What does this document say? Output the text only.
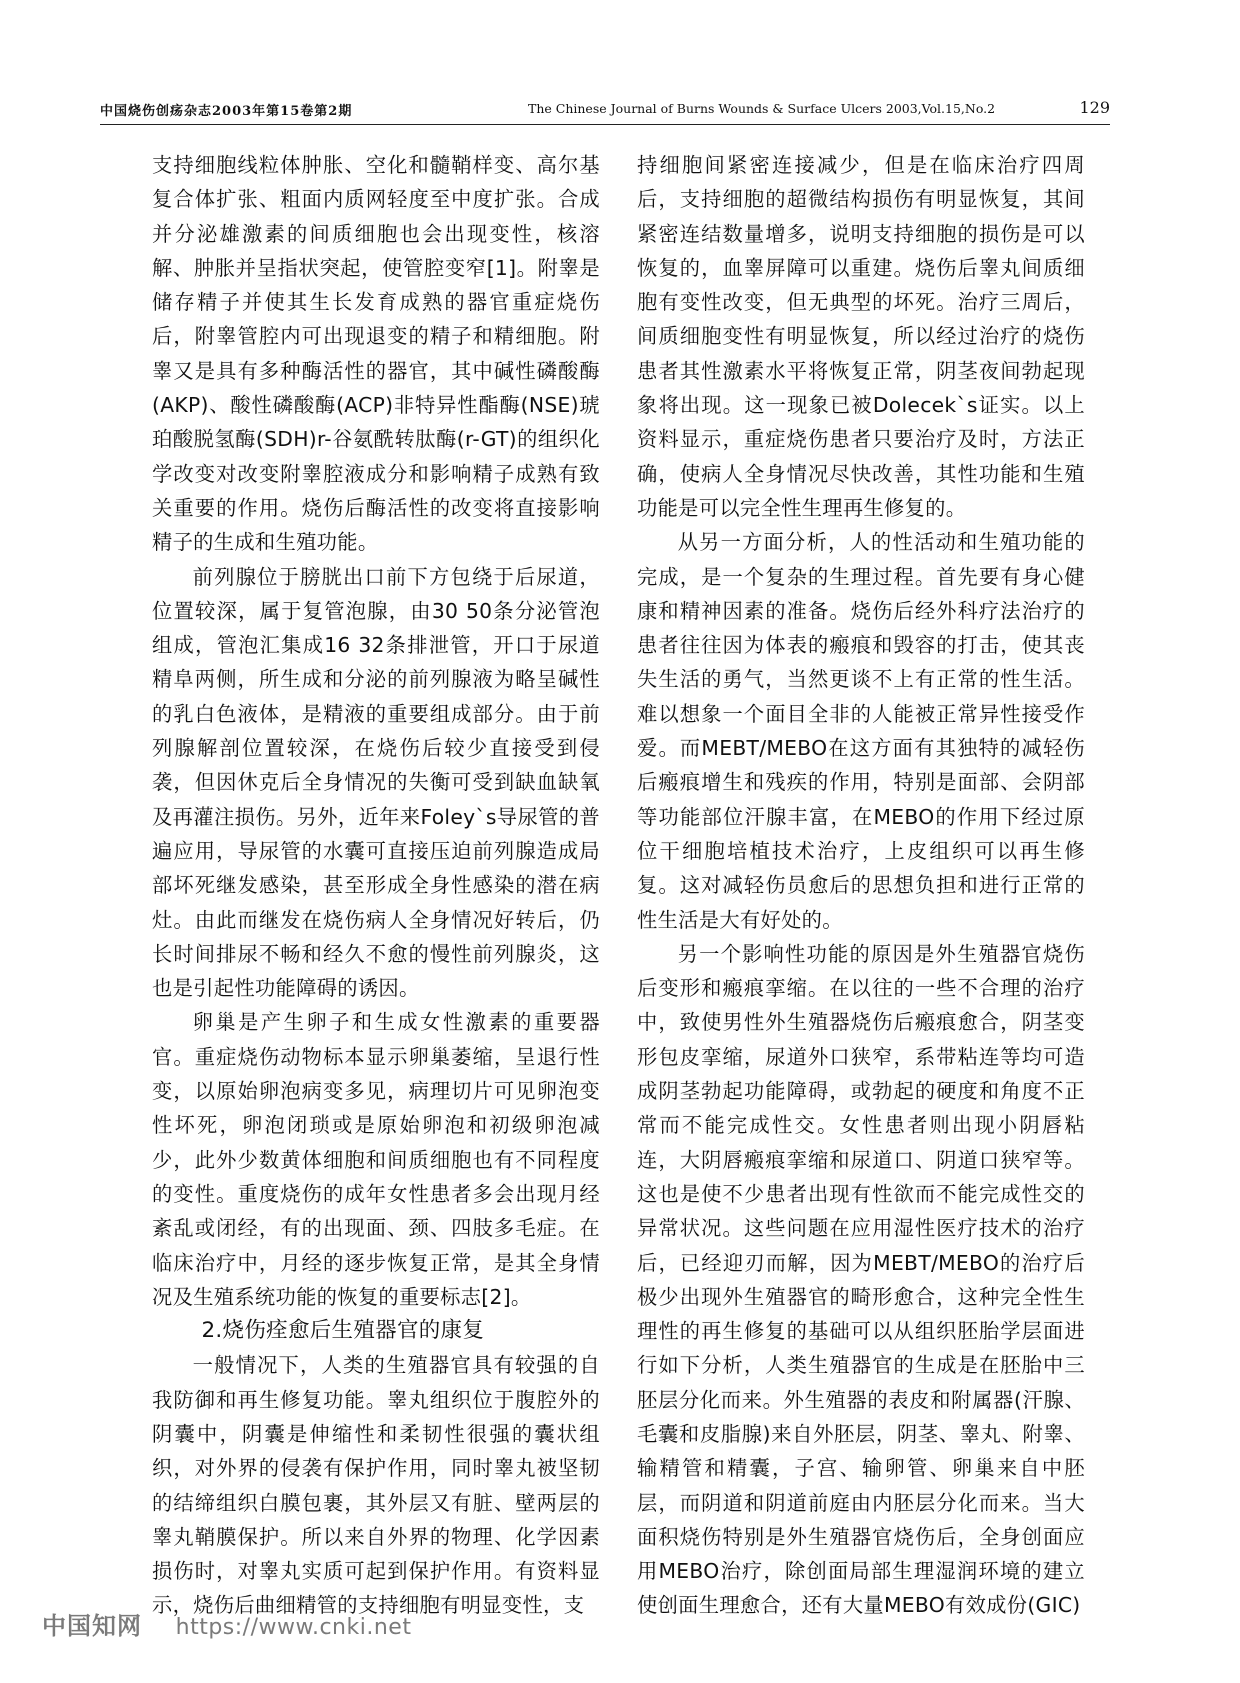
中国烧伤创疡杂志2003年第15卷第2期	The Chinese Journal of Burns Wounds & Surface Ulcers 2003,Vol.15,No.2	129

支持细胞线粒体肿胀、空化和髓鞘样变、高尔基复合体扩张、粗面内质网轻度至中度扩张。合成并分泌雄激素的间质细胞也会出现变性，核溶解、肿胀并呈指状突起，使管腔变窄[1]。附睾是储存精子并使其生长发育成熟的器官重症烧伤后，附睾管腔内可出现退变的精子和精细胞。附睾又是具有多种酶活性的器官，其中碱性磷酸酶(AKP)、酸性磷酸酶(ACP)非特异性酯酶(NSE)琥珀酸脱氢酶(SDH)r-谷氨酰转肽酶(r-GT)的组织化学改变对改变附睾腔液成分和影响精子成熟有致关重要的作用。烧伤后酶活性的改变将直接影响精子的生成和生殖功能。

前列腺位于膀胱出口前下方包绕于后尿道，位置较深，属于复管泡腺，由30 50条分泌管泡组成，管泡汇集成16 32条排泄管，开口于尿道精阜两侧，所生成和分泌的前列腺液为略呈碱性的乳白色液体，是精液的重要组成部分。由于前列腺解剖位置较深，在烧伤后较少直接受到侵袭，但因休克后全身情况的失衡可受到缺血缺氧及再灌注损伤。另外，近年来Foley`s导尿管的普遍应用，导尿管的水囊可直接压迫前列腺造成局部坏死继发感染，甚至形成全身性感染的潜在病灶。由此而继发在烧伤病人全身情况好转后，仍长时间排尿不畅和经久不愈的慢性前列腺炎，这也是引起性功能障碍的诱因。

卵巢是产生卵子和生成女性激素的重要器官。重症烧伤动物标本显示卵巢萎缩，呈退行性变，以原始卵泡病变多见，病理切片可见卵泡变性坏死，卵泡闭琐或是原始卵泡和初级卵泡减少，此外少数黄体细胞和间质细胞也有不同程度的变性。重度烧伤的成年女性患者多会出现月经紊乱或闭经，有的出现面、颈、四肢多毛症。在临床治疗中，月经的逐步恢复正常，是其全身情况及生殖系统功能的恢复的重要标志[2]。

2.烧伤痊愈后生殖器官的康复

一般情况下，人类的生殖器官具有较强的自我防御和再生修复功能。睾丸组织位于腹腔外的阴囊中，阴囊是伸缩性和柔韧性很强的囊状组织，对外界的侵袭有保护作用，同时睾丸被坚韧的结缔组织白膜包裹，其外层又有脏、壁两层的睾丸鞘膜保护。所以来自外界的物理、化学因素损伤时，对睾丸实质可起到保护作用。有资料显示，烧伤后曲细精管的支持细胞有明显变性，支

持细胞间紧密连接减少，但是在临床治疗四周后，支持细胞的超微结构损伤有明显恢复，其间紧密连结数量增多，说明支持细胞的损伤是可以恢复的，血睾屏障可以重建。烧伤后睾丸间质细胞有变性改变，但无典型的坏死。治疗三周后，间质细胞变性有明显恢复，所以经过治疗的烧伤患者其性激素水平将恢复正常，阴茎夜间勃起现象将出现。这一现象已被Dolecek`s证实。以上资料显示，重症烧伤患者只要治疗及时，方法正确，使病人全身情况尽快改善，其性功能和生殖功能是可以完全性生理再生修复的。

从另一方面分析，人的性活动和生殖功能的完成，是一个复杂的生理过程。首先要有身心健康和精神因素的准备。烧伤后经外科疗法治疗的患者往往因为体表的瘢痕和毁容的打击，使其丧失生活的勇气，当然更谈不上有正常的性生活。难以想象一个面目全非的人能被正常异性接受作爱。而MEBT/MEBO在这方面有其独特的减轻伤后瘢痕增生和残疾的作用，特别是面部、会阴部等功能部位汗腺丰富，在MEBO的作用下经过原位干细胞培植技术治疗，上皮组织可以再生修复。这对减轻伤员愈后的思想负担和进行正常的性生活是大有好处的。

另一个影响性功能的原因是外生殖器官烧伤后变形和瘢痕挛缩。在以往的一些不合理的治疗中，致使男性外生殖器烧伤后瘢痕愈合，阴茎变形包皮挛缩，尿道外口狭窄，系带粘连等均可造成阴茎勃起功能障碍，或勃起的硬度和角度不正常而不能完成性交。女性患者则出现小阴唇粘连，大阴唇瘢痕挛缩和尿道口、阴道口狭窄等。这也是使不少患者出现有性欲而不能完成性交的异常状况。这些问题在应用湿性医疗技术的治疗后，已经迎刃而解，因为MEBT/MEBO的治疗后极少出现外生殖器官的畸形愈合，这种完全性生理性的再生修复的基础可以从组织胚胎学层面进行如下分析，人类生殖器官的生成是在胚胎中三胚层分化而来。外生殖器的表皮和附属器(汗腺、毛囊和皮脂腺)来自外胚层，阴茎、睾丸、附睾、输精管和精囊，子宫、输卵管、卵巢来自中胚层，而阴道和阴道前庭由内胚层分化而来。当大面积烧伤特别是外生殖器官烧伤后，全身创面应用MEBO治疗，除创面局部生理湿润环境的建立使创面生理愈合，还有大量MEBO有效成份(GIC)

中国知网 https://www.cnki.net
